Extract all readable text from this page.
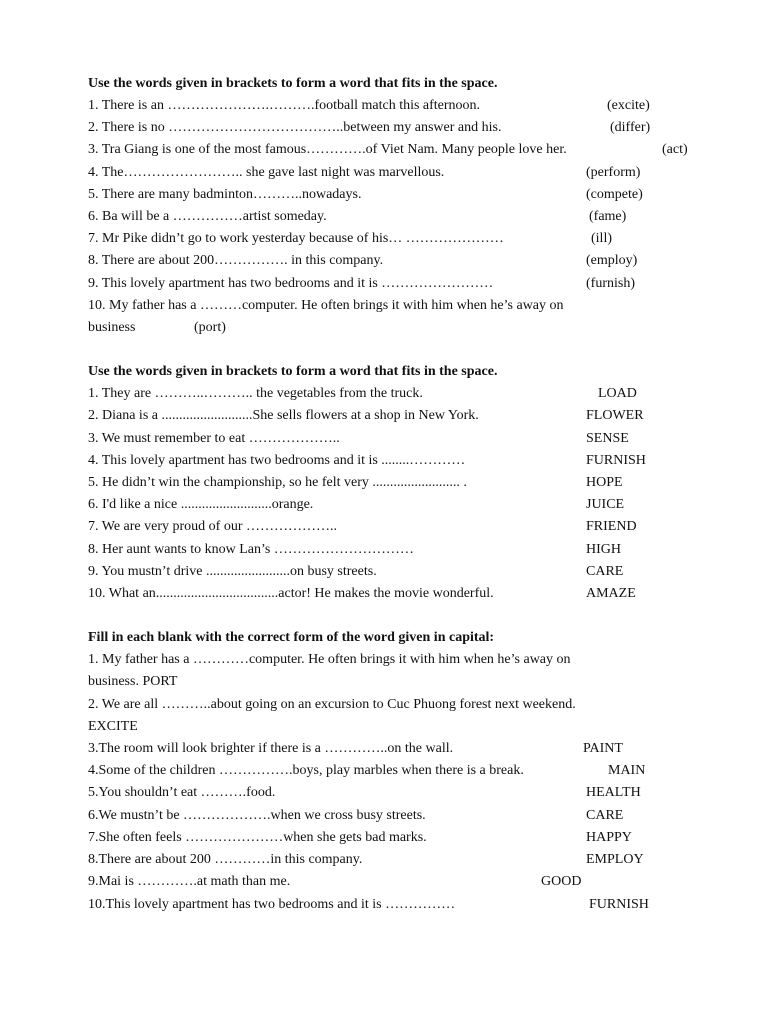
Use the words given in brackets to form a word that fits in the space.
1. There is an ………………….……….football match this afternoon.	(excite)
2. There is no ………………………………..between my answer and his.	(differ)
3. Tra Giang is one of the most famous………….of Viet Nam. Many people love her.	(act)
4. The…………………….. she gave last night was marvellous.	(perform)
5. There are many badminton………..nowadays.	(compete)
6. Ba will be a ……………artist someday.	(fame)
7. Mr Pike didn’t go to work yesterday because of his… …………………	(ill)
8. There are about 200……………. in this company.	(employ)
9. This lovely apartment has two bedrooms and it is ……………………	(furnish)
10. My father has a ………computer. He often brings it with him when he’s away on
business	(port)
Use the words given in brackets to form a word that fits in the space.
1. They are ………..……….. the vegetables from the truck.	LOAD
2. Diana is a ..........................She sells flowers at a shop in New York.	FLOWER
3. We must remember to eat ………………..	SENSE
4. This lovely apartment has two bedrooms and it is ........…………	FURNISH
5. He didn’t win the championship, so he felt very ......................... .	HOPE
6. I'd like a nice ..........................orange.	JUICE
7. We are very proud of our ………………..	FRIEND
8. Her aunt wants to know Lan’s …………………………	HIGH
9. You mustn’t drive ........................on busy streets.	CARE
10. What an...................................actor! He makes the movie wonderful.	AMAZE
Fill in each blank with the correct form of the word given in capital:
1. My father has a …………computer. He often brings it with him when he’s away on
business. PORT
2. We are all ………..about going on an excursion to Cuc Phuong forest next weekend.
EXCITE
3.The room will look brighter if there is a …………..on the wall.	PAINT
4.Some of the children …………….boys, play marbles when there is a break.	MAIN
5.You shouldn’t eat ……….food.	HEALTH
6.We mustn’t be ……………….when we cross busy streets.	CARE
7.She often feels …………………when she gets bad marks.	HAPPY
8.There are about 200 …………in this company.	EMPLOY
9.Mai is ………….at math than me.	GOOD
10.This lovely apartment has two bedrooms and it is ……………	FURNISH
